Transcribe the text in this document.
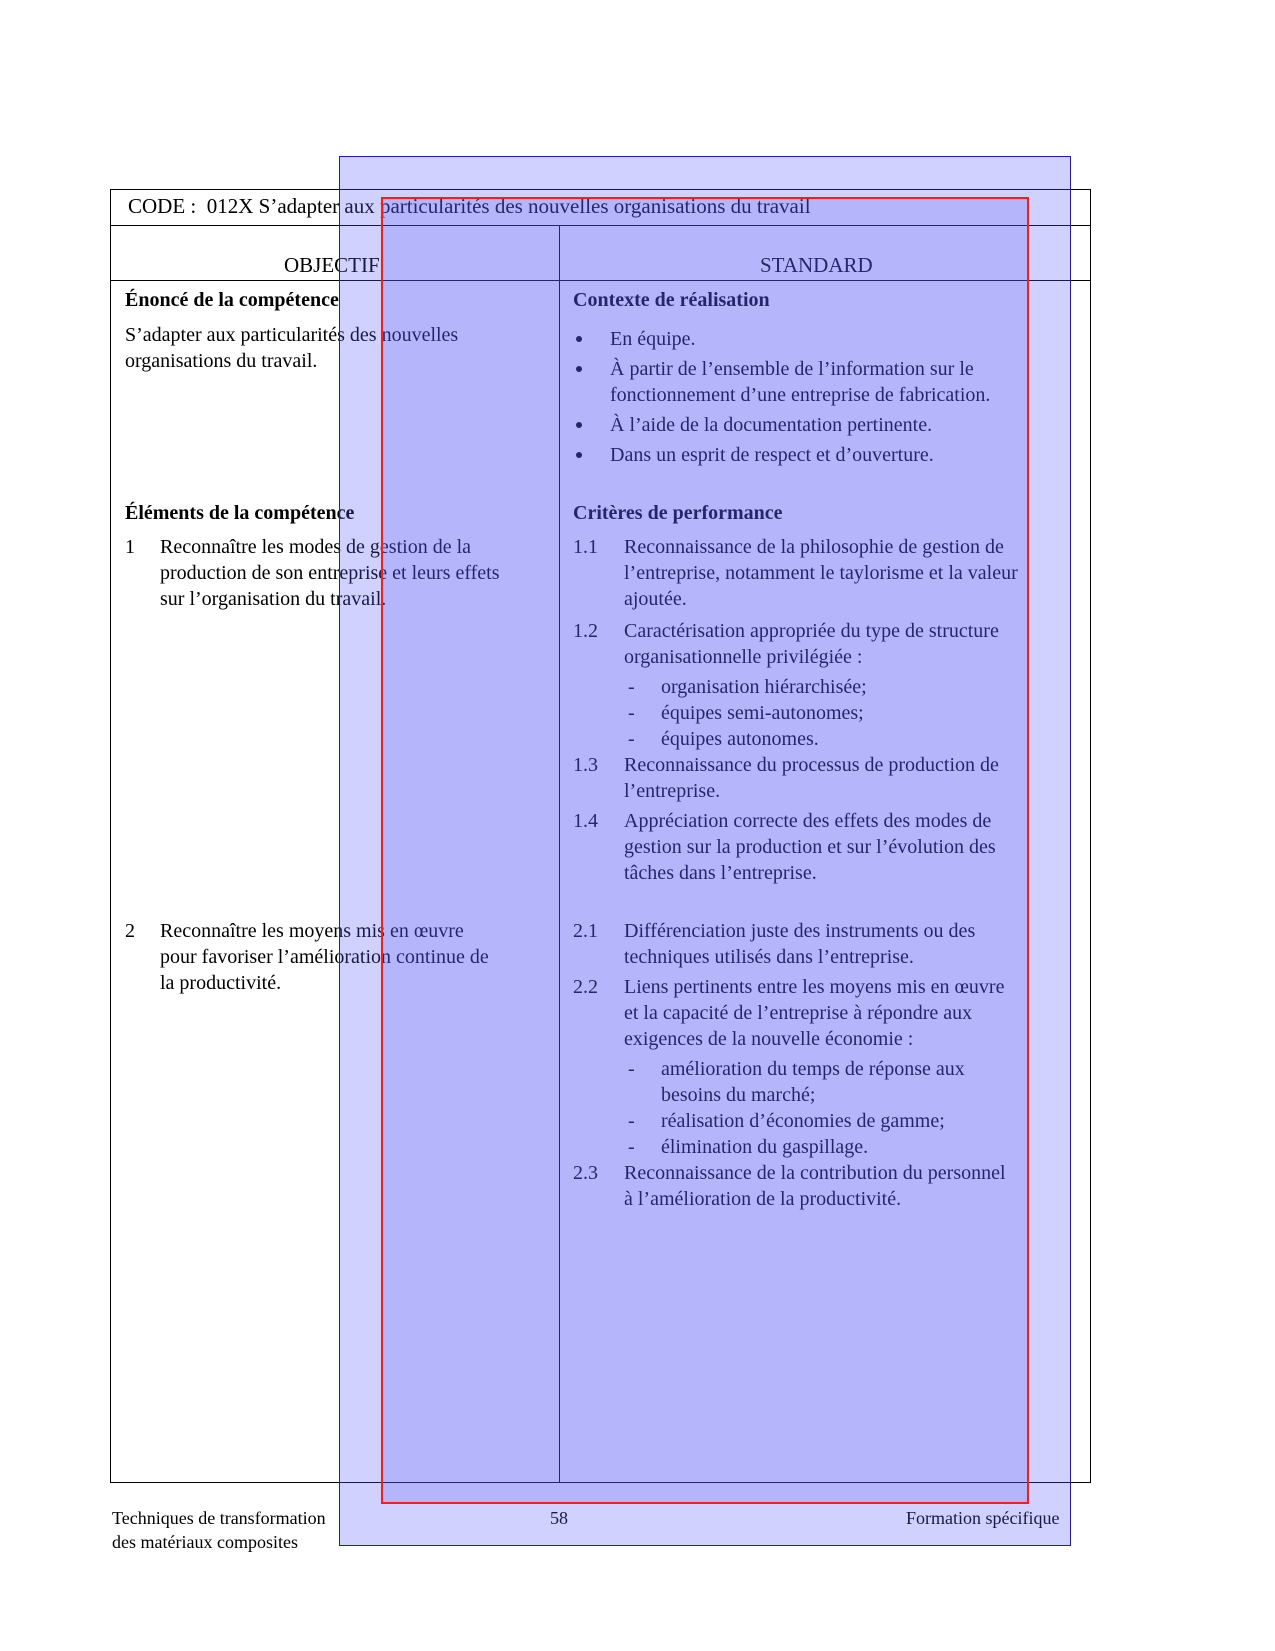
CODE : 012X S’adapter aux particularités des nouvelles organisations du travail
OBJECTIF	STANDARD
Énoncé de la compétence
S’adapter aux particularités des nouvelles
organisations du travail.
Contexte de réalisation
En équipe.
À partir de l’ensemble de l’information sur le
fonctionnement d’une entreprise de fabrication.
À l’aide de la documentation pertinente.
Dans un esprit de respect et d’ouverture.
Éléments de la compétence
1 Reconnaître les modes de gestion de la
production de son entreprise et leurs effets
sur l’organisation du travail.
2 Reconnaître les moyens mis en œuvre
pour favoriser l’amélioration continue de
la productivité.
Critères de performance
1.1 Reconnaissance de la philosophie de gestion de
l’entreprise, notamment le taylorisme et la valeur
ajoutée.
1.2 Caractérisation appropriée du type de structure
organisationnelle privilégiée :
- organisation hiérarchisée;
- équipes semi-autonomes;
- équipes autonomes.
1.3 Reconnaissance du processus de production de
l’entreprise.
1.4 Appréciation correcte des effets des modes de
gestion sur la production et sur l’évolution des
tâches dans l’entreprise.
2.1 Différenciation juste des instruments ou des
techniques utilisés dans l’entreprise.
2.2 Liens pertinents entre les moyens mis en œuvre
et la capacité de l’entreprise à répondre aux
exigences de la nouvelle économie :
- amélioration du temps de réponse aux
besoins du marché;
- réalisation d’économies de gamme;
- élimination du gaspillage.
2.3 Reconnaissance de la contribution du personnel
à l’amélioration de la productivité.
Techniques de transformation
des matériaux composites
58	Formation spécifique
